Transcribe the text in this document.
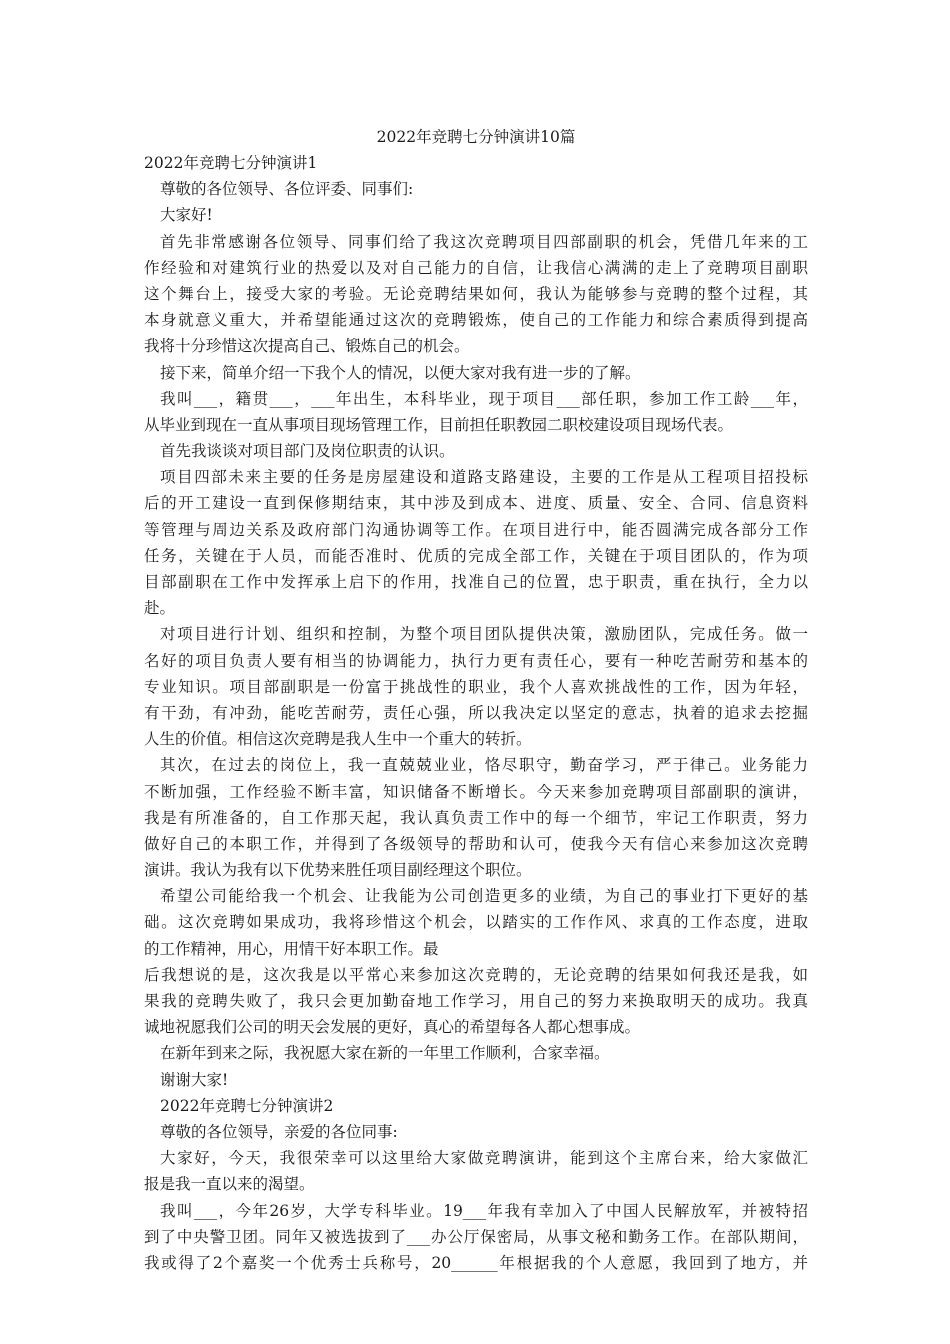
2022年竞聘七分钟演讲10篇
2022年竞聘七分钟演讲1
尊敬的各位领导、各位评委、同事们:
大家好!
首先非常感谢各位领导、同事们给了我这次竞聘项目四部副职的机会，凭借几年来的工
作经验和对建筑行业的热爱以及对自己能力的自信，让我信心满满的走上了竞聘项目副职
这个舞台上，接受大家的考验。无论竞聘结果如何，我认为能够参与竞聘的整个过程，其
本身就意义重大，并希望能通过这次的竞聘锻炼，使自己的工作能力和综合素质得到提高
我将十分珍惜这次提高自己、锻炼自己的机会。
接下来，简单介绍一下我个人的情况，以便大家对我有进一步的了解。
我叫___，籍贯___，___年出生，本科毕业，现于项目___部任职，参加工作工龄___年，
从毕业到现在一直从事项目现场管理工作，目前担任职教园二职校建设项目现场代表。
首先我谈谈对项目部门及岗位职责的认识。
项目四部未来主要的任务是房屋建设和道路支路建设，主要的工作是从工程项目招投标
后的开工建设一直到保修期结束，其中涉及到成本、进度、质量、安全、合同、信息资料
等管理与周边关系及政府部门沟通协调等工作。在项目进行中，能否圆满完成各部分工作
任务，关键在于人员，而能否准时、优质的完成全部工作，关键在于项目团队的，作为项
目部副职在工作中发挥承上启下的作用，找准自己的位置，忠于职责，重在执行，全力以
赴。
对项目进行计划、组织和控制，为整个项目团队提供决策，激励团队，完成任务。做一
名好的项目负责人要有相当的协调能力，执行力更有责任心，要有一种吃苦耐劳和基本的
专业知识。项目部副职是一份富于挑战性的职业，我个人喜欢挑战性的工作，因为年轻，
有干劲，有冲劲，能吃苦耐劳，责任心强，所以我决定以坚定的意志，执着的追求去挖掘
人生的价值。相信这次竞聘是我人生中一个重大的转折。
其次，在过去的岗位上，我一直兢兢业业，恪尽职守，勤奋学习，严于律己。业务能力
不断加强，工作经验不断丰富，知识储备不断增长。今天来参加竞聘项目部副职的演讲，
我是有所准备的，自工作那天起，我认真负责工作中的每一个细节，牢记工作职责，努力
做好自己的本职工作，并得到了各级领导的帮助和认可，使我今天有信心来参加这次竞聘
演讲。我认为我有以下优势来胜任项目副经理这个职位。
希望公司能给我一个机会、让我能为公司创造更多的业绩，为自己的事业打下更好的基
础。这次竞聘如果成功，我将珍惜这个机会，以踏实的工作作风、求真的工作态度，进取
的工作精神，用心，用情干好本职工作。最
后我想说的是，这次我是以平常心来参加这次竞聘的，无论竞聘的结果如何我还是我，如
果我的竞聘失败了，我只会更加勤奋地工作学习，用自己的努力来换取明天的成功。我真
诚地祝愿我们公司的明天会发展的更好，真心的希望每各人都心想事成。
在新年到来之际，我祝愿大家在新的一年里工作顺利，合家幸福。
谢谢大家!
2022年竞聘七分钟演讲2
尊敬的各位领导，亲爱的各位同事:
大家好，今天，我很荣幸可以这里给大家做竞聘演讲，能到这个主席台来，给大家做汇
报是我一直以来的渴望。
我叫___，今年26岁，大学专科毕业。19___年我有幸加入了中国人民解放军，并被特招
到了中央警卫团。同年又被选拔到了___办公厅保密局，从事文秘和勤务工作。在部队期间，
我或得了2个嘉奖一个优秀士兵称号，20______年根据我的个人意愿，我回到了地方，并
